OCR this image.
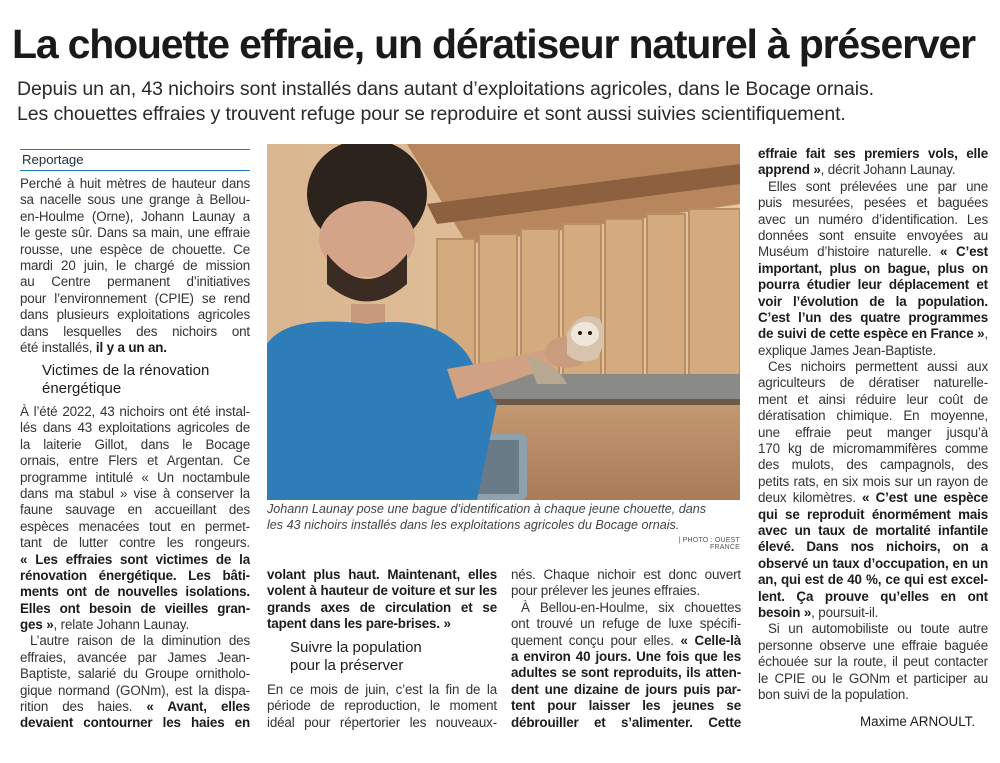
La chouette effraie, un dératiseur naturel à préserver
Depuis un an, 43 nichoirs sont installés dans autant d’exploitations agricoles, dans le Bocage ornais.
Les chouettes effraies y trouvent refuge pour se reproduire et sont aussi suivies scientifiquement.
Reportage
Perché à huit mètres de hauteur dans
sa nacelle sous une grange à Bellou-
en-Houlme (Orne), Johann Launay a
le geste sûr. Dans sa main, une effraie
rousse, une espèce de chouette. Ce
mardi 20 juin, le chargé de mission
au Centre permanent d’initiatives
pour l’environnement (CPIE) se rend
dans plusieurs exploitations agricoles
dans lesquelles des nichoirs ont
été installés, il y a un an.
Victimes de la rénovation
énergétique
À l’été 2022, 43 nichoirs ont été instal-
lés dans 43 exploitations agricoles de
la laiterie Gillot, dans le Bocage
ornais, entre Flers et Argentan. Ce
programme intitulé « Un noctambule
dans ma stabul » vise à conserver la
faune sauvage en accueillant des
espèces menacées tout en permet-
tant de lutter contre les rongeurs.
« Les effraies sont victimes de la
rénovation énergétique. Les bâti-
ments ont de nouvelles isolations.
Elles ont besoin de vieilles gran-
ges », relate Johann Launay.
L’autre raison de la diminution des
effraies, avancée par James Jean-
Baptiste, salarié du Groupe ornitholo-
gique normand (GONm), est la dispa-
rition des haies. « Avant, elles
devaient contourner les haies en
Johann Launay pose une bague d’identification à chaque jeune chouette, dans
les 43 nichoirs installés dans les exploitations agricoles du Bocage ornais.
| PHOTO : OUEST FRANCE
volant plus haut. Maintenant, elles
volent à hauteur de voiture et sur les
grands axes de circulation et se
tapent dans les pare-brises. »
Suivre la population
pour la préserver
En ce mois de juin, c’est la fin de la
période de reproduction, le moment
idéal pour répertorier les nouveaux-
nés. Chaque nichoir est donc ouvert
pour prélever les jeunes effraies.
À Bellou-en-Houlme, six chouettes
ont trouvé un refuge de luxe spécifi-
quement conçu pour elles. « Celle-là
a environ 40 jours. Une fois que les
adultes se sont reproduits, ils atten-
dent une dizaine de jours puis par-
tent pour laisser les jeunes se
débrouiller et s’alimenter. Cette
effraie fait ses premiers vols, elle
apprend », décrit Johann Launay.
Elles sont prélevées une par une
puis mesurées, pesées et baguées
avec un numéro d’identification. Les
données sont ensuite envoyées au
Muséum d’histoire naturelle. « C’est
important, plus on bague, plus on
pourra étudier leur déplacement et
voir l’évolution de la population.
C’est l’un des quatre programmes
de suivi de cette espèce en France »,
explique James Jean-Baptiste.
Ces nichoirs permettent aussi aux
agriculteurs de dératiser naturelle-
ment et ainsi réduire leur coût de
dératisation chimique. En moyenne,
une effraie peut manger jusqu’à
170 kg de micromammifères comme
des mulots, des campagnols, des
petits rats, en six mois sur un rayon de
deux kilomètres. « C’est une espèce
qui se reproduit énormément mais
avec un taux de mortalité infantile
élevé. Dans nos nichoirs, on a
observé un taux d’occupation, en un
an, qui est de 40 %, ce qui est excel-
lent. Ça prouve qu’elles en ont
besoin », poursuit-il.
Si un automobiliste ou toute autre
personne observe une effraie baguée
échouée sur la route, il peut contacter
le CPIE ou le GONm et participer au
bon suivi de la population.
Maxime ARNOULT.
